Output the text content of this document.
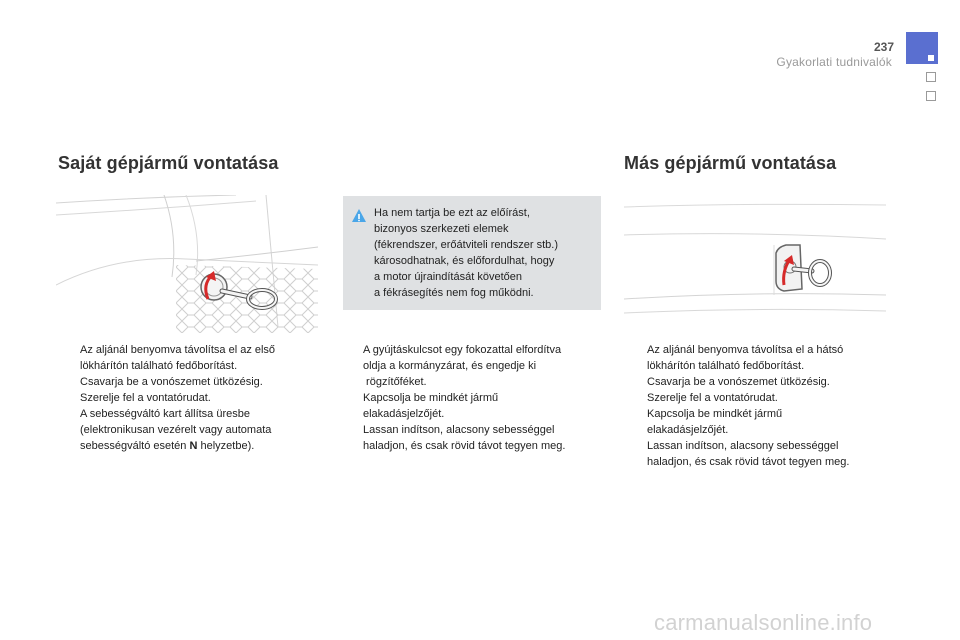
237
Gyakorlati tudnivalók
Saját gépjármű vontatása	Más gépjármű vontatása

Ha nem tartja be ezt az előírást,
bizonyos szerkezeti elemek
(fékrendszer, erőátviteli rendszer stb.)
károsodhatnak, és előfordulhat, hogy
a motor újraindítását követően
a fékrásegítés nem fog működni.

Az aljánál benyomva távolítsa el az első
lökhárítón található fedőborítást.
Csavarja be a vonószemet ütközésig.
Szerelje fel a vontatórudat.
A sebességváltó kart állítsa üresbe
(elektronikusan vezérelt vagy automata
sebességváltó esetén N helyzetbe).
A gyújtáskulcsot egy fokozattal elfordítva
oldja a kormányzárat, és engedje ki
rögzítőféket.
Kapcsolja be mindkét jármű
elakadásjelzőjét.
Lassan indítson, alacsony sebességgel
haladjon, és csak rövid távot tegyen meg.
Az aljánál benyomva távolítsa el a hátsó
lökhárítón található fedőborítást.
Csavarja be a vonószemet ütközésig.
Szerelje fel a vontatórudat.
Kapcsolja be mindkét jármű
elakadásjelzőjét.
Lassan indítson, alacsony sebességgel
haladjon, és csak rövid távot tegyen meg.
carmanualsonline.info
